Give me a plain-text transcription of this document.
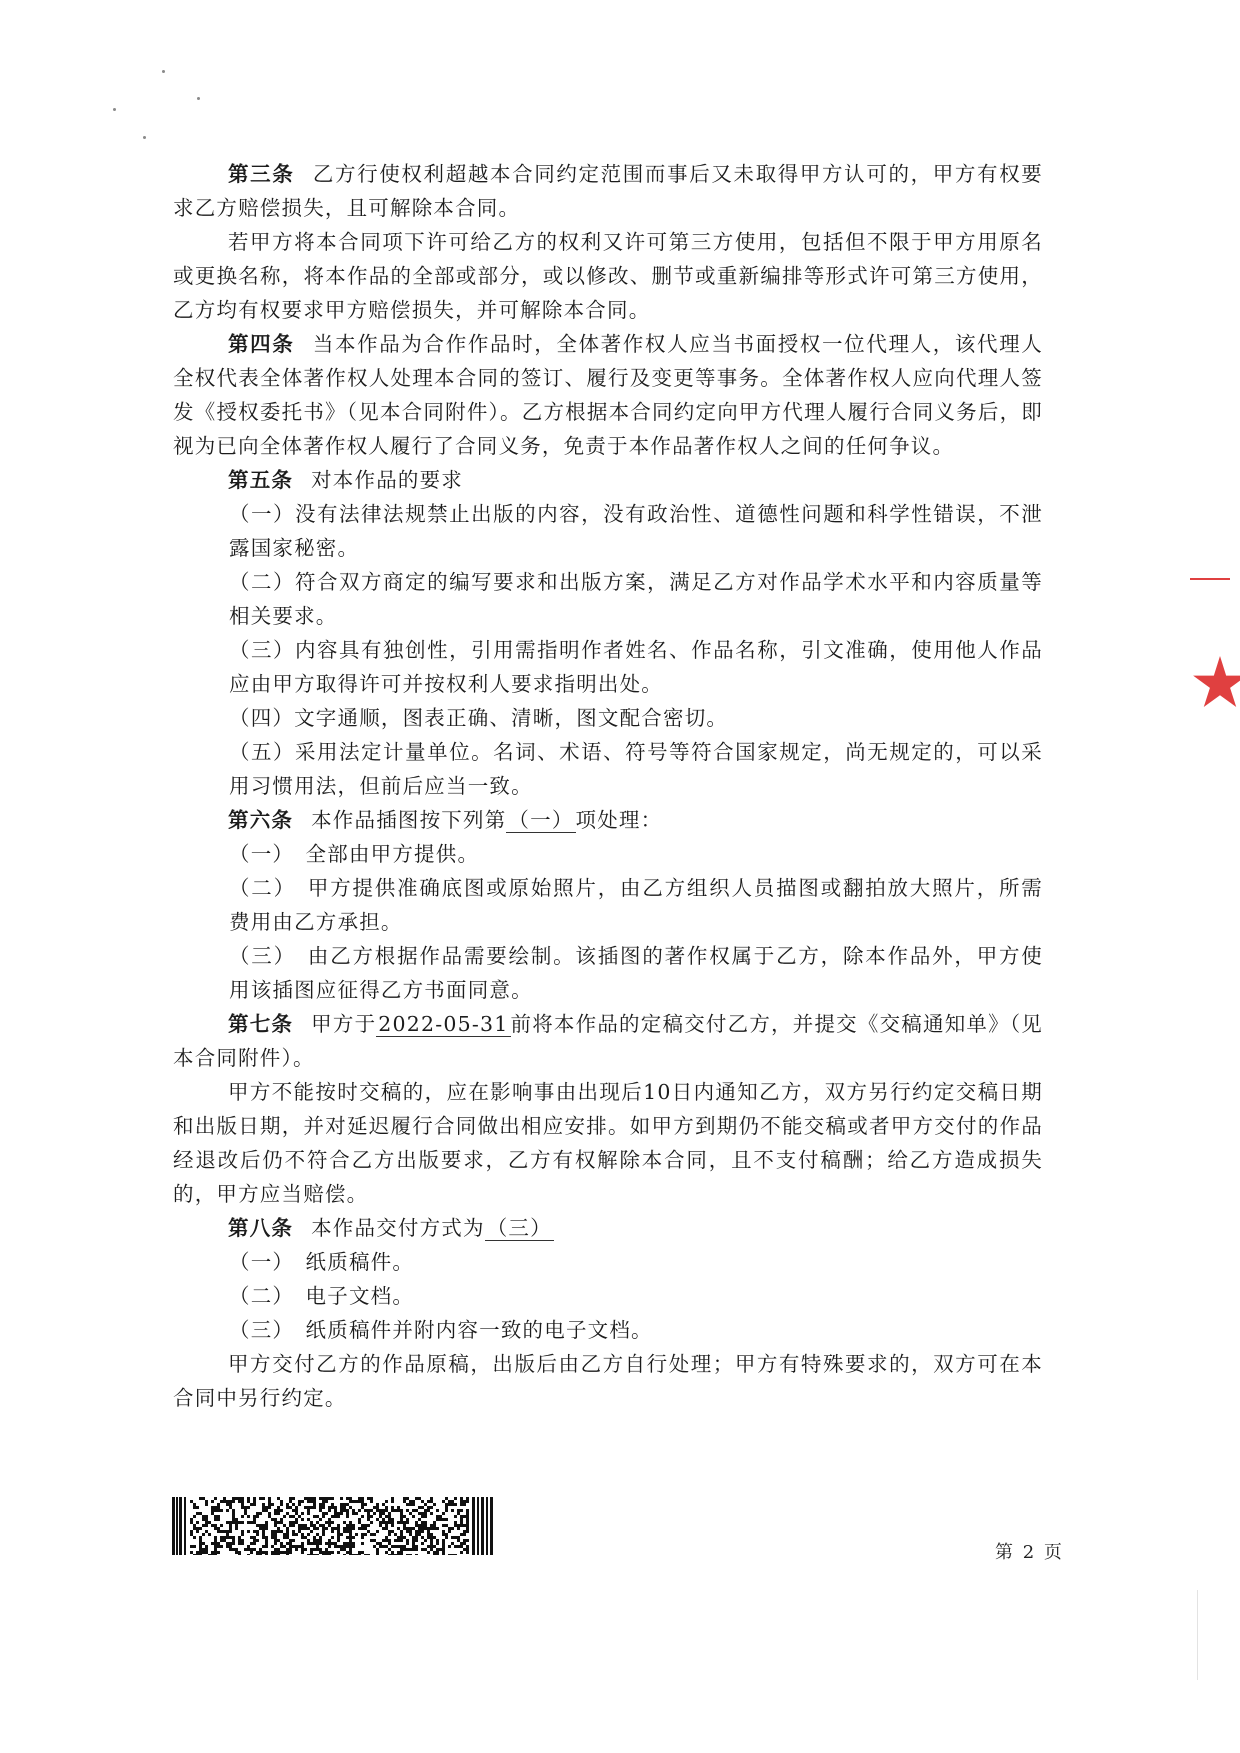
第三条 乙方行使权利超越本合同约定范围而事后又未取得甲方认可的，甲方有权要求乙方赔偿损失，且可解除本合同。

若甲方将本合同项下许可给乙方的权利又许可第三方使用，包括但不限于甲方用原名或更换名称，将本作品的全部或部分，或以修改、删节或重新编排等形式许可第三方使用，乙方均有权要求甲方赔偿损失，并可解除本合同。

第四条 当本作品为合作作品时，全体著作权人应当书面授权一位代理人，该代理人全权代表全体著作权人处理本合同的签订、履行及变更等事务。全体著作权人应向代理人签发《授权委托书》（见本合同附件）。乙方根据本合同约定向甲方代理人履行合同义务后，即视为已向全体著作权人履行了合同义务，免责于本作品著作权人之间的任何争议。

第五条 对本作品的要求

（一）没有法律法规禁止出版的内容，没有政治性、道德性问题和科学性错误，不泄露国家秘密。

（二）符合双方商定的编写要求和出版方案，满足乙方对作品学术水平和内容质量等相关要求。

（三）内容具有独创性，引用需指明作者姓名、作品名称，引文准确，使用他人作品应由甲方取得许可并按权利人要求指明出处。

（四）文字通顺，图表正确、清晰，图文配合密切。

（五）采用法定计量单位。名词、术语、符号等符合国家规定，尚无规定的，可以采用习惯用法，但前后应当一致。

第六条 本作品插图按下列第（一）项处理：

（一）　全部由甲方提供。

（二）　甲方提供准确底图或原始照片，由乙方组织人员描图或翻拍放大照片，所需费用由乙方承担。

（三）　由乙方根据作品需要绘制。该插图的著作权属于乙方，除本作品外，甲方使用该插图应征得乙方书面同意。

第七条 甲方于2022-05-31前将本作品的定稿交付乙方，并提交《交稿通知单》（见本合同附件）。

甲方不能按时交稿的，应在影响事由出现后10日内通知乙方，双方另行约定交稿日期和出版日期，并对延迟履行合同做出相应安排。如甲方到期仍不能交稿或者甲方交付的作品经退改后仍不符合乙方出版要求，乙方有权解除本合同，且不支付稿酬；给乙方造成损失的，甲方应当赔偿。

第八条 本作品交付方式为（三）

（一）　纸质稿件。

（二）　电子文档。

（三）　纸质稿件并附内容一致的电子文档。

甲方交付乙方的作品原稿，出版后由乙方自行处理；甲方有特殊要求的，双方可在本合同中另行约定。

第 2 页
